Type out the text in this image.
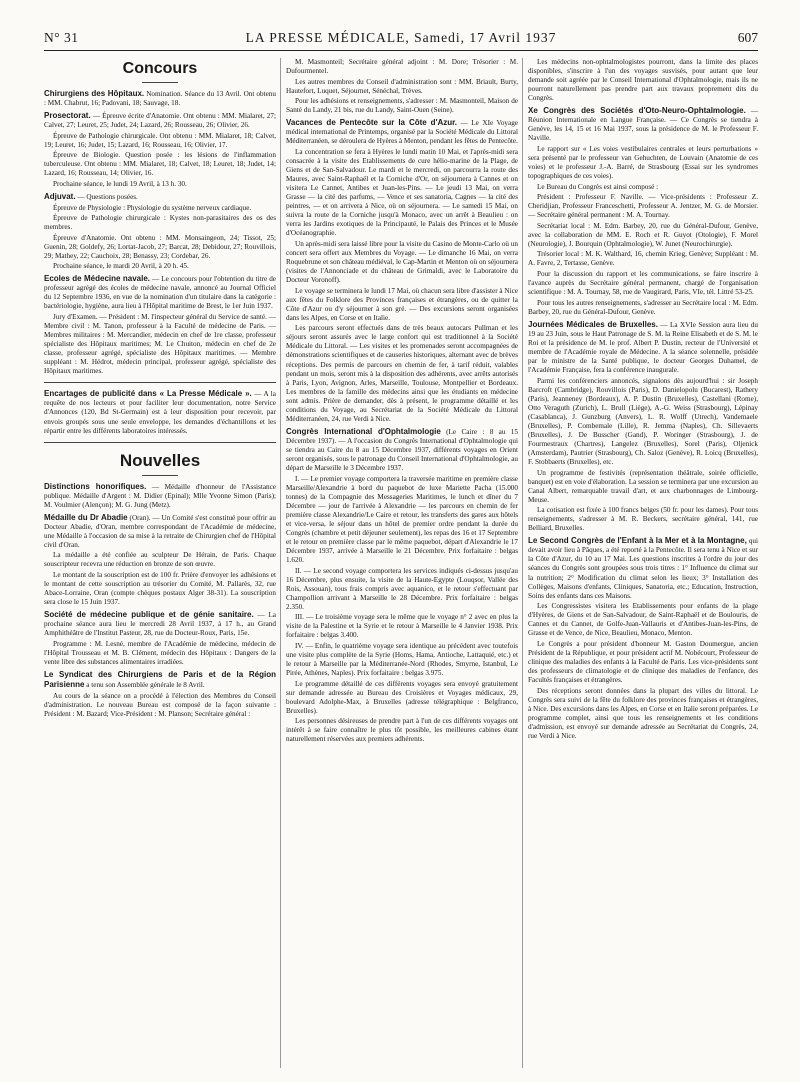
N° 31	LA PRESSE MÉDICALE, Samedi, 17 Avril 1937	607
Concours

Chirurgiens des Hôpitaux. Nomination. Séance du 13 Avril. Ont obtenu : MM. Chabrut, 16; Padovani, 18; Sauvage, 18.

Prosectorat. — Épreuve écrite d'Anatomie. Ont obtenu : MM. Mialaret, 27; Calvet, 27; Leuret, 25; Judet, 24; Lazard, 26; Rousseau, 26; Olivier, 26.

Épreuve de Pathologie chirurgicale. Ont obtenu : MM. Mialaret, 18; Calvet, 19; Leuret, 16; Judet, 15; Lazard, 16; Rousseau, 16; Olivier, 17.

Épreuve de Biologie. Question posée : les lésions de l'inflammation tuberculeuse. Ont obtenu : MM. Mialaret, 18; Calvet, 18; Leuret, 18; Judet, 14; Lazard, 16; Rousseau, 14; Olivier, 16.

Prochaine séance, le lundi 19 Avril, à 13 h. 30.

Adjuvat. — Questions posées.

Épreuve de Physiologie : Physiologie du système nerveux cardiaque.

Épreuve de Pathologie chirurgicale : Kystes non-parasitaires des os des membres.

Épreuve d'Anatomie. Ont obtenu : MM. Monsaingeon, 24; Tissot, 25; Guenin, 28; Goldefy, 26; Lortat-Jacob, 27; Barcat, 28; Debidour, 27; Rouvillois, 29; Mathey, 22; Cauchoix, 28; Benassy, 23; Cordebar, 26.

Prochaine séance, le mardi 20 Avril, à 20 h. 45.

Ecoles de Médecine navale. — Le concours pour l'obtention du titre de professeur agrégé des écoles de médecine navale, annoncé au Journal Officiel du 12 Septembre 1936, en vue de la nomination d'un titulaire dans la catégorie : bactériologie, hygiène, aura lieu à l'Hôpital maritime de Brest, le 1er Juin 1937.

Jury d'Examen. — Président : M. l'inspecteur général du Service de santé. — Membre civil : M. Tanon, professeur à la Faculté de médecine de Paris. — Membres militaires : M. Mercandier, médecin en chef de 1re classe, professeur spécialiste des Hôpitaux maritimes; M. Le Chuiton, médecin en chef de 2e classe, professeur agrégé, spécialiste des Hôpitaux maritimes. — Membre suppléant : M. Hédrot, médecin principal, professeur agrégé, spécialiste des Hôpitaux maritimes.

Encartages de publicité dans « La Presse Médicale ». — A la requête de nos lecteurs et pour faciliter leur documentation, notre Service d'Annonces (120, Bd St-Germain) est à leur disposition pour recevoir, par envois groupés sous une seule enveloppe, les demandes d'échantillons et les répartir entre les différents laboratoires intéressés.

Nouvelles

Distinctions honorifiques. — Médaille d'honneur de l'Assistance publique. Médaille d'Argent : M. Didier (Epinal); Mlle Yvonne Simon (Paris); M. Voulmier (Alençon); M. G. Jung (Metz).

Médaille du Dr Abadie (Oran). — Un Comité s'est constitué pour offrir au Docteur Abadie, d'Oran, membre correspondant de l'Académie de médecine, une Médaille à l'occasion de sa mise à la retraite de Chirurgien chef de l'Hôpital civil d'Oran.

La médaille a été confiée au sculpteur De Hérain, de Paris. Chaque souscripteur recevra une réduction en bronze de son œuvre.

Le montant de la souscription est de 100 fr. Prière d'envoyer les adhésions et le montant de cette souscription au trésorier du Comité, M. Pallarès, 32, rue Abace-Lorraine, Oran (compte chèques postaux Alger 38-31). La souscription sera close le 15 Juin 1937.

Société de médecine publique et de génie sanitaire. — La prochaine séance aura lieu le mercredi 28 Avril 1937, à 17 h., au Grand Amphithéâtre de l'Institut Pasteur, 28, rue du Docteur-Roux, Paris, 15e.

Programme : M. Lesné, membre de l'Académie de médecine, médecin de l'Hôpital Trousseau et M. B. Clément, médecin des Hôpitaux : Dangers de la vente libre des substances alimentaires irradiées.

Le Syndicat des Chirurgiens de Paris et de la Région Parisienne a tenu son Assemblée générale le 8 Avril.

Au cours de la séance on a procédé à l'élection des Membres du Conseil d'administration. Le nouveau Bureau est composé de la façon suivante : Président : M. Bazard; Vice-Président : M. Planson; Secrétaire général :

M. Masmonteil; Secrétaire général adjoint : M. Dore; Trésorier : M. Dufourmentel.

Les autres membres du Conseil d'administration sont : MM. Briault, Burty, Hautefort, Luquet, Séjournet, Sénéchal, Trèves.

Pour les adhésions et renseignements, s'adresser : M. Masmonteil, Maison de Santé du Landy, 21 bis, rue du Landy, Saint-Ouen (Seine).

Vacances de Pentecôte sur la Côte d'Azur. — Le XIe Voyage médical international de Printemps, organisé par la Société Médicale du Littoral Méditerranéen, se déroulera de Hyères à Menton, pendant les fêtes de Pentecôte.

La concentration se fera à Hyères le lundi matin 10 Mai, et l'après-midi sera consacrée à la visite des Etablissements de cure hélio-marine de la Plage, de Giens et de San-Salvadour. Le mardi et le mercredi, on parcourra la route des Maures, avec Saint-Raphaël et la Corniche d'Or, on séjournera à Cannes et on visitera Le Cannet, Antibes et Juan-les-Pins. — Le jeudi 13 Mai, on verra Grasse — la cité des parfums, — Vence et ses sanatoria, Cagnes — la cité des peintres, — et on arrivera à Nice, où on séjournera. — Le samedi 15 Mai, on suivra la route de la Corniche jusqu'à Monaco, avec un arrêt à Beaulieu : on verra les Jardins exotiques de la Principauté, le Palais des Princes et le Musée d'Océanographie.

Un après-midi sera laissé libre pour la visite du Casino de Monte-Carlo où un concert sera offert aux Membres du Voyage. — Le dimanche 16 Mai, on verra Roquebrune et son château médiéval, le Cap-Martin et Menton où on séjournera (visites de l'Annonciade et du château de Grimaldi, avec le Laboratoire du Docteur Voronoff).

Le voyage se terminera le lundi 17 Mai, où chacun sera libre d'assister à Nice aux fêtes du Folklore des Provinces françaises et étrangères, ou de quitter la Côte d'Azur ou d'y séjourner à son gré. — Des excursions seront organisées dans les Alpes, en Corse et en Italie.

Les parcours seront effectués dans de très beaux autocars Pullman et les séjours seront assurés avec le large confort qui est traditionnel à la Société Médicale du Littoral. — Les visites et les promenades seront accompagnées de démonstrations scientifiques et de causeries historiques, alternant avec de brèves réceptions. Des permis de parcours en chemin de fer, à tarif réduit, valables pendant un mois, seront mis à la disposition des adhérents, avec arrêts autorisés à Paris, Lyon, Avignon, Arles, Marseille, Toulouse, Montpellier et Bordeaux. Les membres de la famille des médecins ainsi que les étudiants en médecine sont admis. Prière de demander, dès à présent, le programme détaillé et les conditions du Voyage, au Secrétariat de la Société Médicale du Littoral Méditerranéen, 24, rue Verdi à Nice.

Congrès International d'Ophtalmologie (Le Caire : 8 au 15 Décembre 1937). — A l'occasion du Congrès International d'Ophtalmologie qui se tiendra au Caire du 8 au 15 Décembre 1937, différents voyages en Orient seront organisés, sous le patronage du Conseil International d'Ophtalmologie, au départ de Marseille le 3 Décembre 1937.

I. — Le premier voyage comportera la traversée maritime en première classe Marseille/Alexandrie à bord du paquebot de luxe Mariette Pacha (15.000 tonnes) de la Compagnie des Messageries Maritimes, le lunch et dîner du 7 Décembre — jour de l'arrivée à Alexandrie — les parcours en chemin de fer première classe Alexandrie/Le Caire et retour, les transferts des gares aux hôtels et vice-versa, le séjour dans un hôtel de premier ordre pendant la durée du Congrès (chambre et petit déjeuner seulement), les repas des 16 et 17 Septembre et le retour en première classe par le même paquebot, départ d'Alexandrie le 17 Décembre 1937, arrivée à Marseille le 21 Décembre. Prix forfaitaire : belgas 1.620.

II. — Le second voyage comportera les services indiqués ci-dessus jusqu'au 16 Décembre, plus ensuite, la visite de la Haute-Egypte (Louqsor, Vallée des Rois, Assouan), tous frais compris avec aquanico, et le retour s'effectuant par Champollion arrivant à Marseille le 28 Décembre. Prix forfaitaire : belgas 2.350.

III. — Le troisième voyage sera le même que le voyage n° 2 avec en plus la visite de la Palestine et la Syrie et le retour à Marseille le 4 Janvier 1938. Prix forfaitaire : belgas 3.400.

IV. — Enfin, le quatrième voyage sera identique au précédent avec toutefois une visite plus complète de la Syrie (Homs, Hama, Antioche, Lattaquié, etc.) et le retour à Marseille par la Méditerranée-Nord (Rhodes, Smyrne, Istanbul, Le Pirée, Athènes, Naples). Prix forfaitaire : belgas 3.975.

Le programme détaillé de ces différents voyages sera envoyé gratuitement sur demande adressée au Bureau des Croisières et Voyages médicaux, 29, boulevard Adolphe-Max, à Bruxelles (adresse télégraphique : Belgfranco, Bruxelles).

Les personnes désireuses de prendre part à l'un de ces différents voyages ont intérêt à se faire connaître le plus tôt possible, les meilleures cabines étant naturellement réservées aux premiers adhérents.

Les médecins non-ophtalmologistes pourront, dans la limite des places disponibles, s'inscrire à l'un des voyages susvisés, pour autant que leur demande soit agréée par le Conseil International d'Ophtalmologie, mais ils ne pourront naturellement pas prendre part aux travaux proprement dits du Congrès.

Xe Congrès des Sociétés d'Oto-Neuro-Ophtalmologie. — Réunion Internationale en Langue Française. — Ce Congrès se tiendra à Genève, les 14, 15 et 16 Mai 1937, sous la présidence de M. le Professeur F. Naville.

Le rapport sur « Les voies vestibulaires centrales et leurs perturbations » sera présenté par le professeur van Gehuchten, de Louvain (Anatomie de ces voies) et le professeur J.-A. Barré, de Strasbourg (Essai sur les syndromes topographiques de ces voies).

Le Bureau du Congrès est ainsi composé :

Président : Professeur F. Naville. — Vice-présidents : Professeur Z. Cheridjian, Professeur Franceschetti, Professeur A. Jentzer, M. G. de Morsier. — Secrétaire général permanent : M. A. Tournay.

Secrétariat local : M. Edm. Barbey, 20, rue du Général-Dufour, Genève, avec la collaboration de MM. E. Roch et R. Guyot (Otologie), F. Morel (Neurologie), J. Bourquin (Ophtalmologie), W. Junet (Neurochirurgie).

Trésorier local : M. K. Walthard, 16, chemin Krieg, Genève; Suppléant : M. A. Favre, 2, Tertasse, Genève.

Pour la discussion du rapport et les communications, se faire inscrire à l'avance auprès du Secrétaire général permanent, chargé de l'organisation scientifique : M. A. Tournay, 58, rue de Vaugirard, Paris, VIe, tél. Littré 53-25.

Pour tous les autres renseignements, s'adresser au Secrétaire local : M. Edm. Barbey, 20, rue du Général-Dufour, Genève.

Journées Médicales de Bruxelles. — La XVIe Session aura lieu du 19 au 23 Juin, sous le Haut Patronage de S. M. la Reine Elisabeth et de S. M. le Roi et la présidence de M. le prof. Albert P. Dustin, recteur de l'Université et membre de l'Académie royale de Médecine. A la séance solennelle, présidée par le ministre de la Santé publique, le docteur Georges Duhamel, de l'Académie Française, fera la conférence inaugurale.

Parmi les conférenciers annoncés, signalons dès aujourd'hui : sir Joseph Barcroft (Cambridge), Rouvillois (Paris), D. Danielopolu (Bucarest), Rathery (Paris), Jeanneney (Bordeaux), A. P. Dustin (Bruxelles), Castellani (Rome), Otto Veraguth (Zurich), L. Brull (Liège), A.-G. Weiss (Strasbourg), Lépinay (Casablanca), J. Gunzburg (Anvers), L. R. Wolff (Utrech), Vandemaele (Bruxelles), P. Combemale (Lille), R. Jemma (Naples), Ch. Sillevaerts (Bruxelles), J. De Busscher (Gand), P. Woringer (Strasbourg), J. de Fourmestraux (Chartres), Langelez (Bruxelles), Sorel (Paris), Oljenick (Amsterdam), Pautrier (Strasbourg), Ch. Saloz (Genève), R. Loicq (Bruxelles), F. Stobbaerts (Bruxelles), etc.

Un programme de festivités (représentation théâtrale, soirée officielle, banquet) est en voie d'élaboration. La session se terminera par une excursion au Canal Albert, remarquable travail d'art, et aux charbonnages de Limbourg-Meuse.

La cotisation est fixée à 100 francs belges (50 fr. pour les dames). Pour tous renseignements, s'adresser à M. R. Beckers, secrétaire général, 141, rue Belliard, Bruxelles.

Le Second Congrès de l'Enfant à la Mer et à la Montagne, qui devait avoir lieu à Pâques, a été reporté à la Pentecôte. Il sera tenu à Nice et sur la Côte d'Azur, du 10 au 17 Mai. Les questions inscrites à l'ordre du jour des séances du Congrès sont groupées sous trois titres : 1° Influence du climat sur la nutrition; 2° Modification du climat selon les lieux; 3° Installation des Collèges, Maisons d'enfants, Cliniques, Sanatoria, etc.; Education, Instruction, Soins des enfants dans ces Maisons.

Les Congressistes visitera les Etablissements pour enfants de la plage d'Hyères, de Giens et de San-Salvadour, de Saint-Raphaël et de Boulouris, de Cannes et du Cannet, de Golfe-Juan-Vallauris et d'Antibes-Juan-les-Pins, de Grasse et de Vence, de Nice, Beaulieu, Monaco, Menton.

Le Congrès a pour président d'honneur M. Gaston Doumergue, ancien Président de la République, et pour président actif M. Nobécourt, Professeur de clinique des maladies des enfants à la Faculté de Paris. Les vice-présidents sont des professeurs de climatologie et de clinique des maladies de l'enfance, des Facultés françaises et étrangères.

Des réceptions seront données dans la plupart des villes du littoral. Le Congrès sera suivi de la fête du folklore des provinces françaises et étrangères, à Nice. Des excursions dans les Alpes, en Corse et en Italie seront préparées. Le programme complet, ainsi que tous les renseignements et les conditions d'admission, est envoyé sur demande adressée au Secrétariat du Congrès, 24, rue Verdi à Nice.
